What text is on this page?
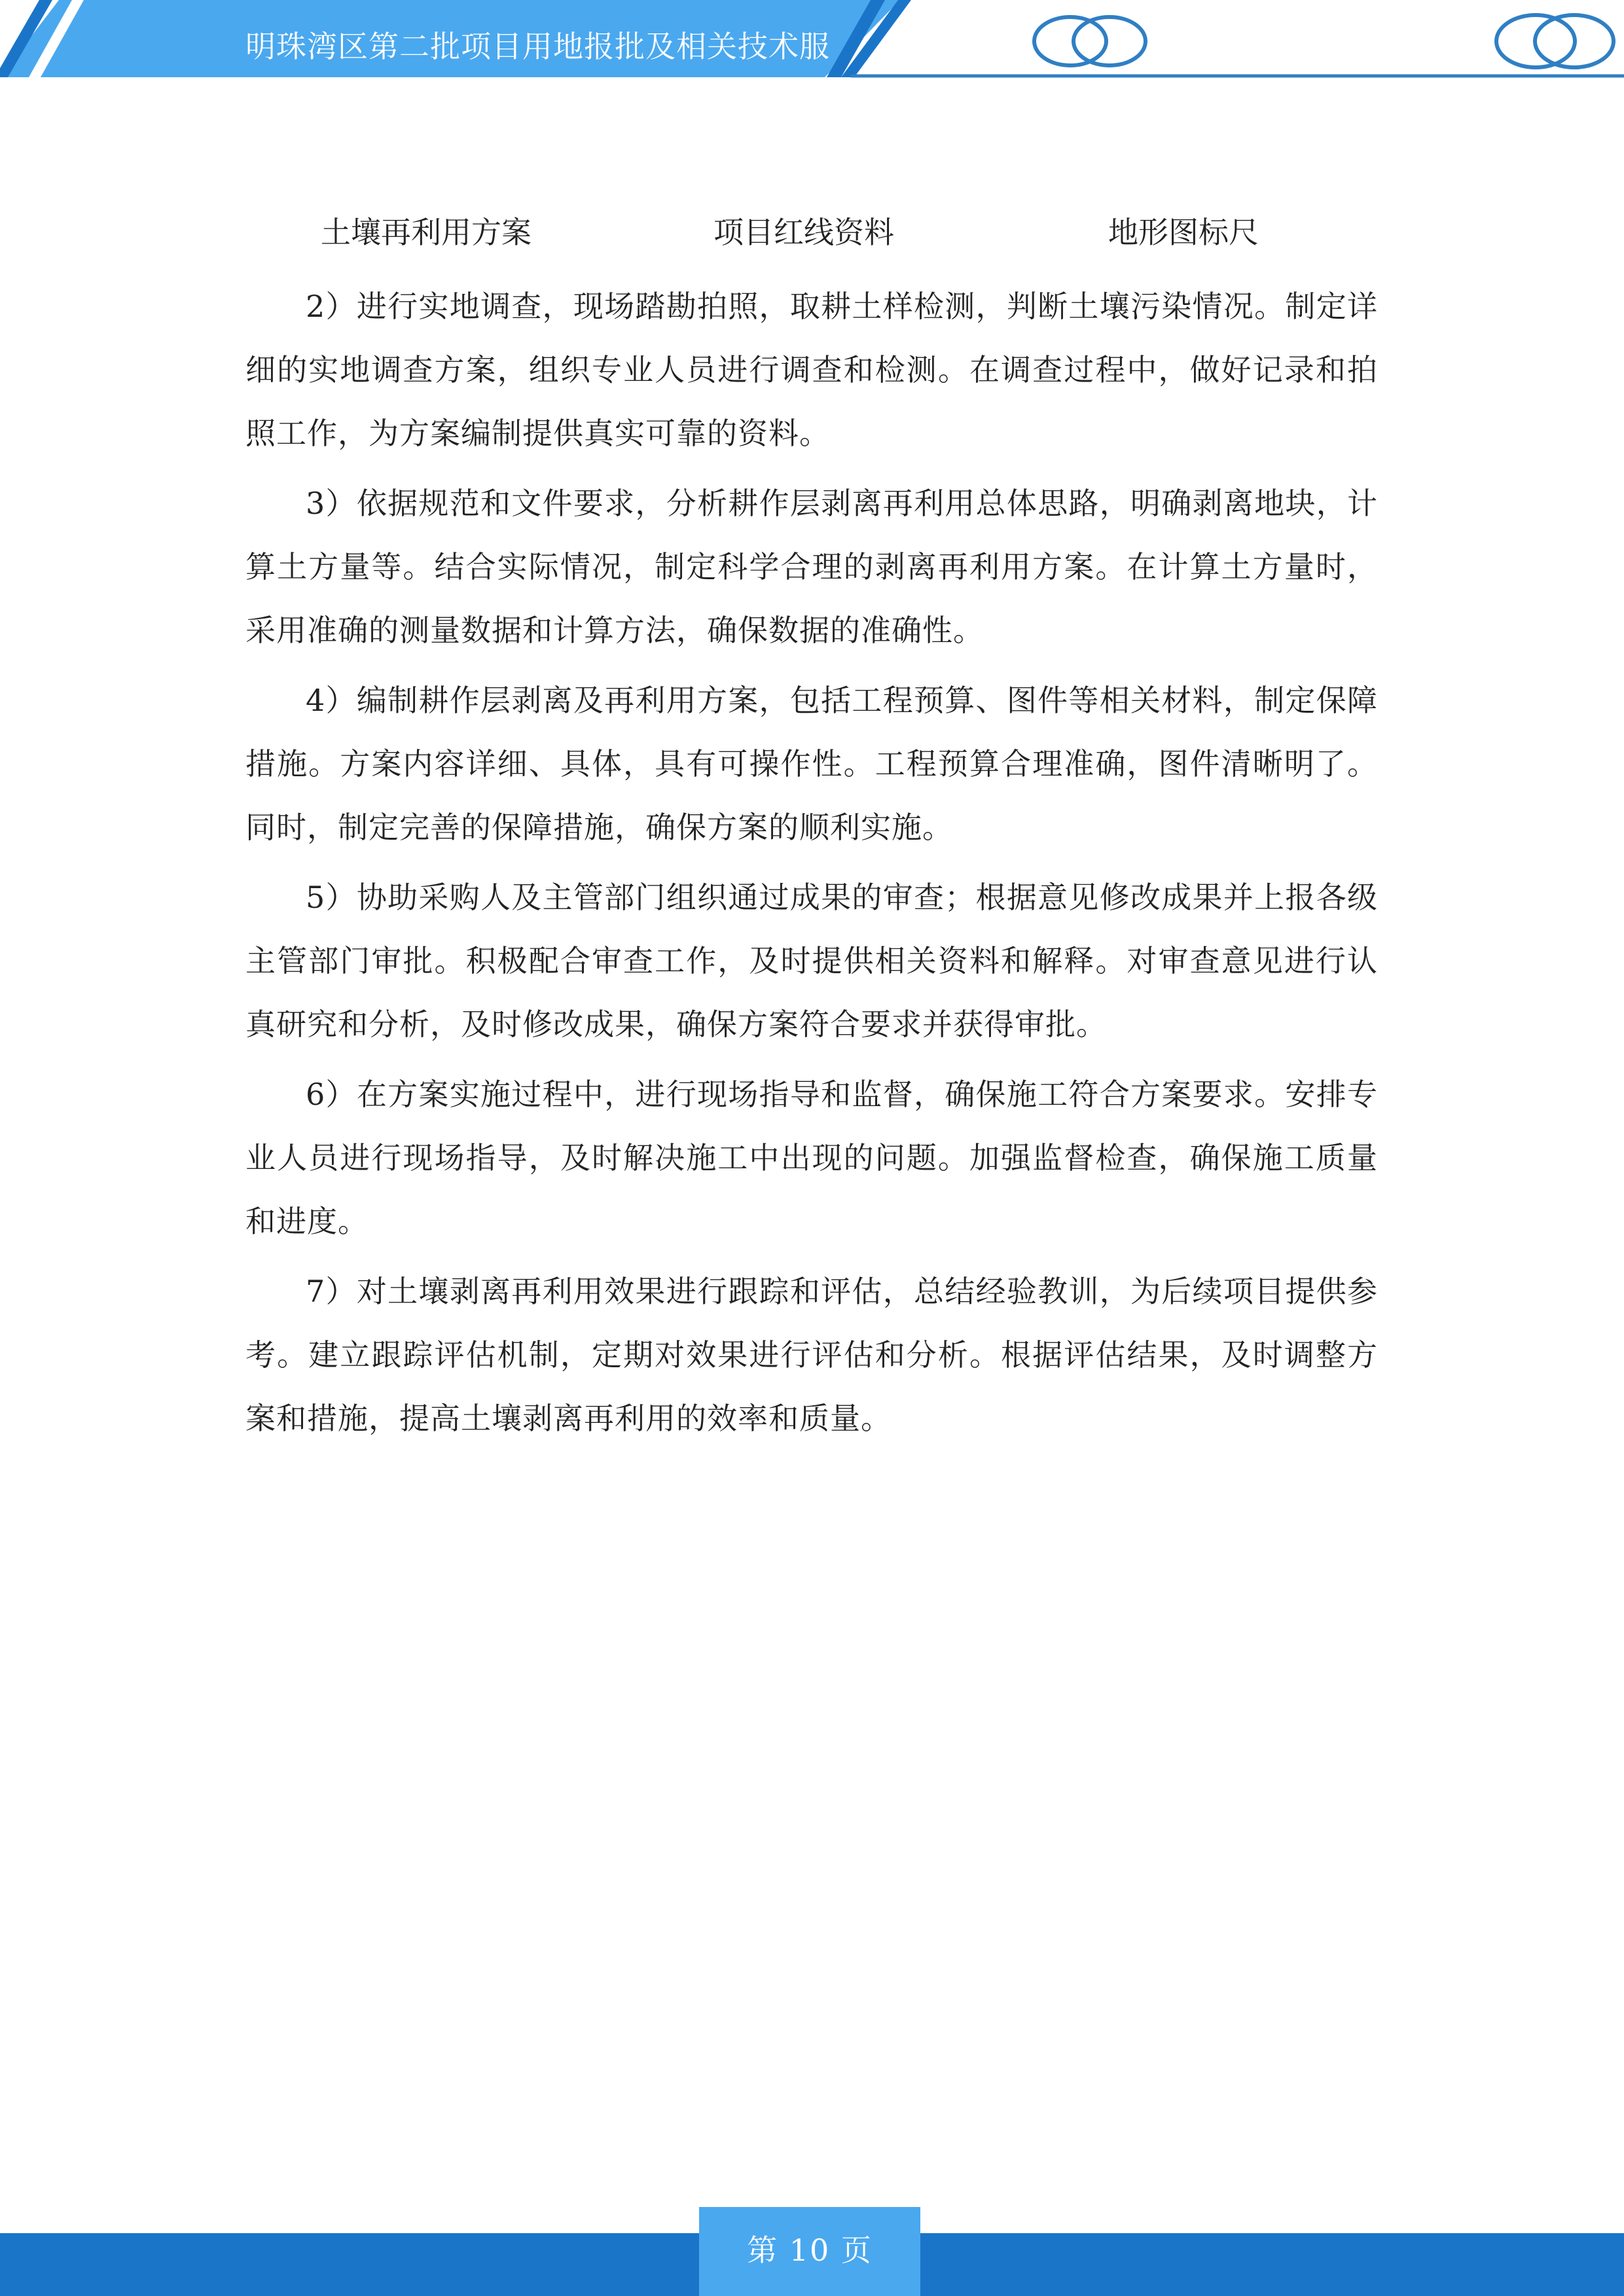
明珠湾区第二批项目用地报批及相关技术服
土壤再利用方案	项目红线资料	地形图标尺

2）进行实地调查，现场踏勘拍照，取耕土样检测，判断土壤污染情况。制定详细的实地调查方案，组织专业人员进行调查和检测。在调查过程中，做好记录和拍照工作，为方案编制提供真实可靠的资料。

3）依据规范和文件要求，分析耕作层剥离再利用总体思路，明确剥离地块，计算土方量等。结合实际情况，制定科学合理的剥离再利用方案。在计算土方量时，采用准确的测量数据和计算方法，确保数据的准确性。

4）编制耕作层剥离及再利用方案，包括工程预算、图件等相关材料，制定保障措施。方案内容详细、具体，具有可操作性。工程预算合理准确，图件清晰明了。同时，制定完善的保障措施，确保方案的顺利实施。

5）协助采购人及主管部门组织通过成果的审查；根据意见修改成果并上报各级主管部门审批。积极配合审查工作，及时提供相关资料和解释。对审查意见进行认真研究和分析，及时修改成果，确保方案符合要求并获得审批。

6）在方案实施过程中，进行现场指导和监督，确保施工符合方案要求。安排专业人员进行现场指导，及时解决施工中出现的问题。加强监督检查，确保施工质量和进度。

7）对土壤剥离再利用效果进行跟踪和评估，总结经验教训，为后续项目提供参考。建立跟踪评估机制，定期对效果进行评估和分析。根据评估结果，及时调整方案和措施，提高土壤剥离再利用的效率和质量。

第 10 页
